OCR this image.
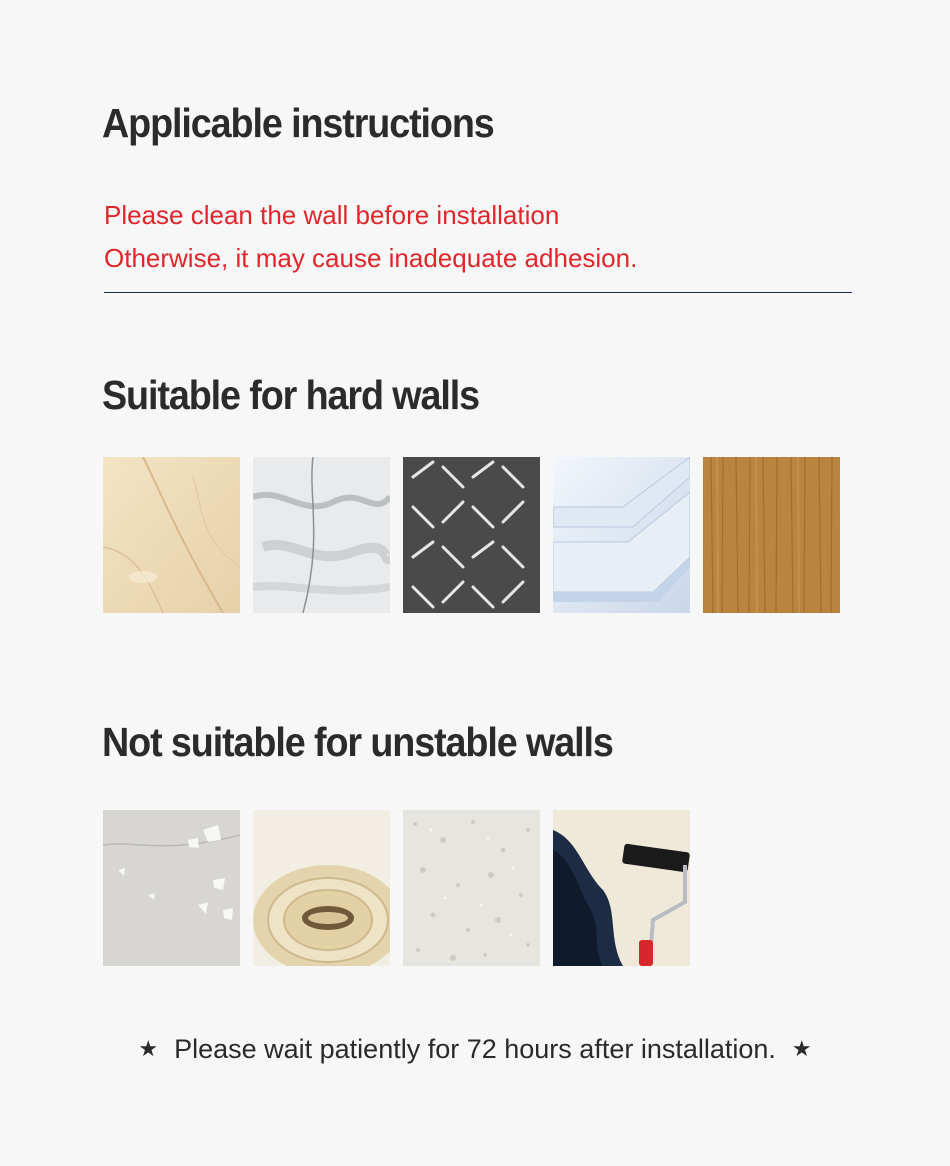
Applicable instructions

Please clean the wall before installation

Otherwise, it may cause inadequate adhesion.

Suitable for hard walls
Not suitable for unstable walls
★ Please wait patiently for 72 hours after installation. ★
